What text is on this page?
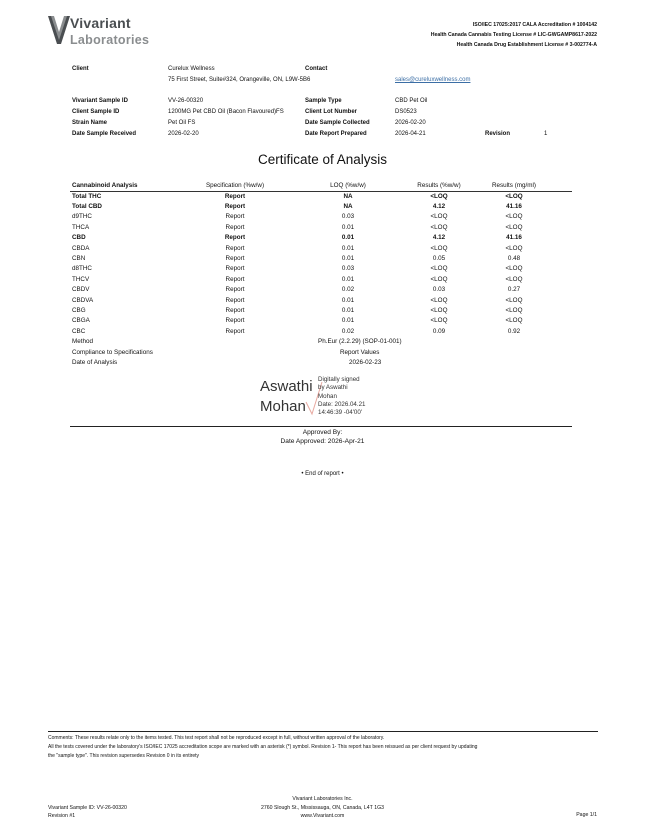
Vivariant
Laboratories
ISO/IEC 17025:2017 CALA Accreditation # 1004142
Health Canada Cannabis Testing License # LIC-GWGAMP8617-2022
Health Canada Drug Establishment License # 3-002774-A
Client	Curelux Wellness	Contact
75 First Street, Suite#324, Orangeville, ON, L9W-5B6	sales@cureluxwellness.com
Vivariant Sample ID	VV-26-00320	Sample Type	CBD Pet Oil
Client Sample ID	1200MG Pet CBD Oil (Bacon Flavoured)FS	Client Lot Number	DS0523
Strain Name	Pet Oil FS	Date Sample Collected	2026-02-20
Date Sample Received	2026-02-20	Date Report Prepared	2026-04-21	Revision	1
Certificate of Analysis
Cannabinoid Analysis	Specification (%w/w)	LOQ (%w/w)	Results (%w/w)	Results (mg/ml)
Total THC	Report	NA	<LOQ	<LOQ
Total CBD	Report	NA	4.12	41.16
d9THC	Report	0.03	<LOQ	<LOQ
THCA	Report	0.01	<LOQ	<LOQ
CBD	Report	0.01	4.12	41.16
CBDA	Report	0.01	<LOQ	<LOQ
CBN	Report	0.01	0.05	0.48
d8THC	Report	0.03	<LOQ	<LOQ
THCV	Report	0.01	<LOQ	<LOQ
CBDV	Report	0.02	0.03	0.27
CBDVA	Report	0.01	<LOQ	<LOQ
CBG	Report	0.01	<LOQ	<LOQ
CBGA	Report	0.01	<LOQ	<LOQ
CBC	Report	0.02	0.09	0.92
Method	Ph.Eur (2.2.29) (SOP-01-001)
Compliance to Specifications	Report Values
Date of Analysis	2026-02-23
Aswathi
Mohan
Digitally signed
by Aswathi
Mohan
Date: 2026.04.21
14:46:39 -04'00'
Approved By:
Date Approved: 2026-Apr-21
• End of report •
Comments: These results relate only to the items tested. This test report shall not be reproduced except in full, without written approval of the laboratory.
All the tests covered under the laboratory's ISO/IEC 17025 accreditation scope are marked with an asterisk (*) symbol. Revision 1- This report has been reissued as per client request by updating
the "sample type". This revision supersedes Revision 0 in its entirety
Vivariant Sample ID: VV-26-00320
Revision #1
Vivariant Laboratories Inc.
2760 Slough St., Mississauga, ON, Canada, L4T 1G3
www.Vivariant.com	Page 1/1
